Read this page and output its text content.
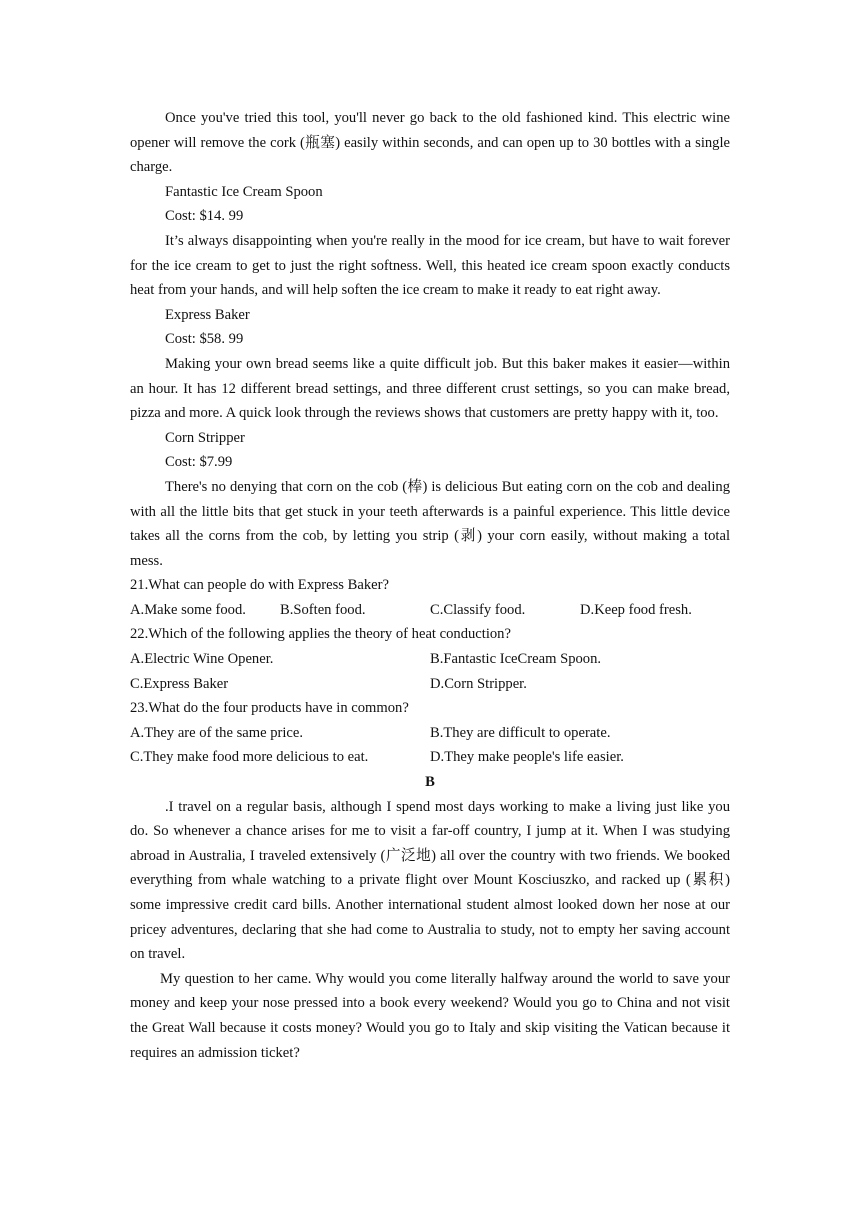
Once you've tried this tool, you'll never go back to the old fashioned kind. This electric wine opener will remove the cork (瓶塞) easily within seconds, and can open up to 30 bottles with a single charge.

Fantastic Ice Cream Spoon

Cost: $14. 99

It’s always disappointing when you're really in the mood for ice cream, but have to wait forever for the ice cream to get to just the right softness. Well, this heated ice cream spoon exactly conducts heat from your hands, and will help soften the ice cream to make it ready to eat right away.

Express Baker

Cost: $58. 99

Making your own bread seems like a quite difficult job. But this baker makes it easier—within an hour. It has 12 different bread settings, and three different crust settings, so you can make bread, pizza and more. A quick look through the reviews shows that customers are pretty happy with it, too.

Corn Stripper

Cost: $7.99

There's no denying that corn on the cob (棒) is delicious But eating corn on the cob and dealing with all the little bits that get stuck in your teeth afterwards is a painful experience. This little device takes all the corns from the cob, by letting you strip (剥) your corn easily, without making a total mess.

21.What can people do with Express Baker?

A.Make some food.	B.Soften food.	C.Classify food.	D.Keep food fresh.

22.Which of the following applies the theory of heat conduction?

A.Electric Wine Opener.	B.Fantastic IceCream Spoon.
C.Express Baker	D.Corn Stripper.

23.What do the four products have in common?

A.They are of the same price.	B.They are difficult to operate.
C.They make food more delicious to eat.	D.They make people's life easier.

B

.I travel on a regular basis, although I spend most days working to make a living just like you do. So whenever a chance arises for me to visit a far-off country, I jump at it. When I was studying abroad in Australia, I traveled extensively (广泛地) all over the country with two friends. We booked everything from whale watching to a private flight over Mount Kosciuszko, and racked up (累积) some impressive credit card bills. Another international student almost looked down her nose at our pricey adventures, declaring that she had come to Australia to study, not to empty her saving account on travel.

My question to her came. Why would you come literally halfway around the world to save your money and keep your nose pressed into a book every weekend? Would you go to China and not visit the Great Wall because it costs money? Would you go to Italy and skip visiting the Vatican because it requires an admission ticket?
